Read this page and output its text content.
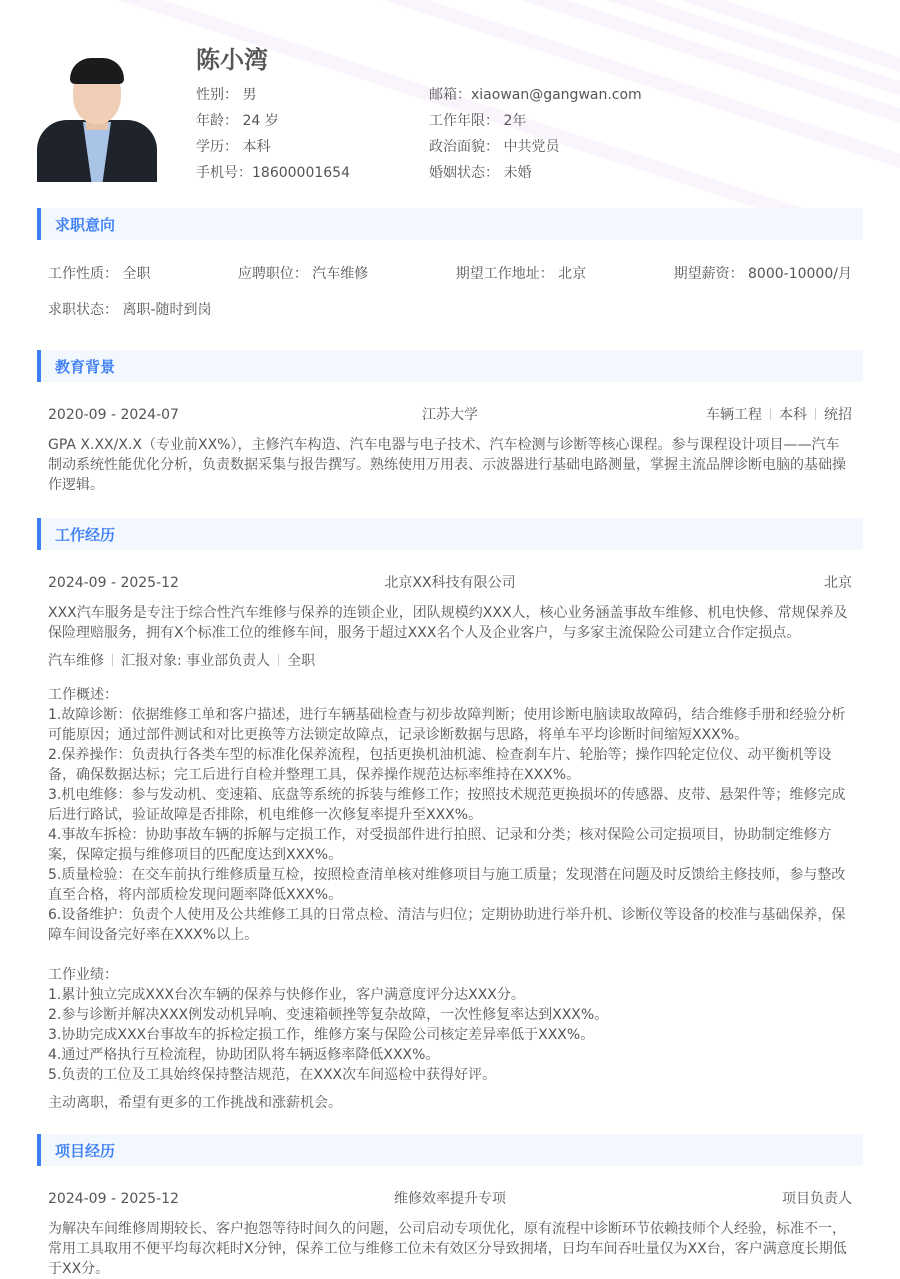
陈小湾
性别： 男
年龄： 24 岁
学历： 本科
手机号：18600001654
邮箱：xiaowan@gangwan.com
工作年限： 2年
政治面貌： 中共党员
婚姻状态： 未婚
求职意向
工作性质： 全职	应聘职位： 汽车维修	期望工作地址： 北京	期望薪资： 8000-10000/月
求职状态： 离职-随时到岗
教育背景
2020-09 - 2024-07	江苏大学	车辆工程 本科 统招

GPA X.XX/X.X（专业前XX%），主修汽车构造、汽车电器与电子技术、汽车检测与诊断等核心课程。参与课程设计项目——汽车制动系统性能优化分析，负责数据采集与报告撰写。熟练使用万用表、示波器进行基础电路测量，掌握主流品牌诊断电脑的基础操作逻辑。

工作经历
2024-09 - 2025-12	北京XX科技有限公司	北京

XXX汽车服务是专注于综合性汽车维修与保养的连锁企业，团队规模约XXX人，核心业务涵盖事故车维修、机电快修、常规保养及保险理赔服务，拥有X个标准工位的维修车间，服务于超过XXX名个人及企业客户，与多家主流保险公司建立合作定损点。

汽车维修 汇报对象: 事业部负责人 全职

工作概述：

1.故障诊断：依据维修工单和客户描述，进行车辆基础检查与初步故障判断；使用诊断电脑读取故障码，结合维修手册和经验分析可能原因；通过部件测试和对比更换等方法锁定故障点，记录诊断数据与思路，将单车平均诊断时间缩短XXX%。

2.保养操作：负责执行各类车型的标准化保养流程，包括更换机油机滤、检查刹车片、轮胎等；操作四轮定位仪、动平衡机等设备，确保数据达标；完工后进行自检并整理工具，保养操作规范达标率维持在XXX%。

3.机电维修：参与发动机、变速箱、底盘等系统的拆装与维修工作；按照技术规范更换损坏的传感器、皮带、悬架件等；维修完成后进行路试，验证故障是否排除，机电维修一次修复率提升至XXX%。

4.事故车拆检：协助事故车辆的拆解与定损工作，对受损部件进行拍照、记录和分类；核对保险公司定损项目，协助制定维修方案，保障定损与维修项目的匹配度达到XXX%。

5.质量检验：在交车前执行维修质量互检，按照检查清单核对维修项目与施工质量；发现潜在问题及时反馈给主修技师，参与整改直至合格，将内部质检发现问题率降低XXX%。

6.设备维护：负责个人使用及公共维修工具的日常点检、清洁与归位；定期协助进行举升机、诊断仪等设备的校准与基础保养，保障车间设备完好率在XXX%以上。

工作业绩：

1.累计独立完成XXX台次车辆的保养与快修作业，客户满意度评分达XXX分。

2.参与诊断并解决XXX例发动机异响、变速箱顿挫等复杂故障，一次性修复率达到XXX%。

3.协助完成XXX台事故车的拆检定损工作，维修方案与保险公司核定差异率低于XXX%。

4.通过严格执行互检流程，协助团队将车辆返修率降低XXX%。

5.负责的工位及工具始终保持整洁规范，在XXX次车间巡检中获得好评。

主动离职，希望有更多的工作挑战和涨薪机会。

项目经历
2024-09 - 2025-12	维修效率提升专项	项目负责人

为解决车间维修周期较长、客户抱怨等待时间久的问题，公司启动专项优化，原有流程中诊断环节依赖技师个人经验，标准不一，常用工具取用不便平均每次耗时X分钟，保养工位与维修工位未有效区分导致拥堵，日均车间吞吐量仅为XX台，客户满意度长期低于XX分。
